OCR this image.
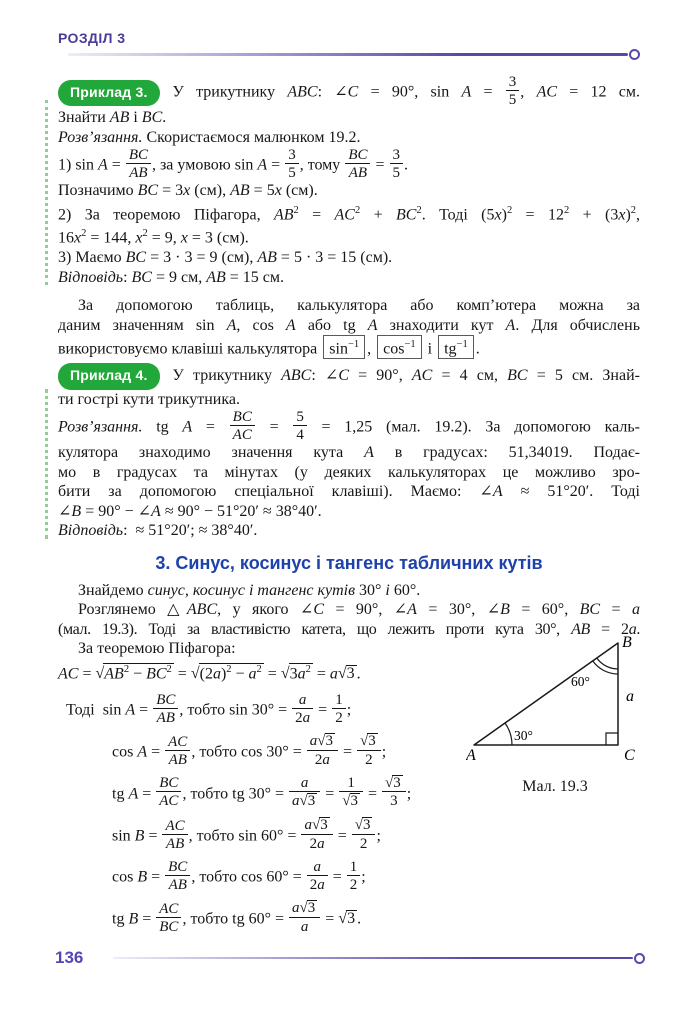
РОЗДІЛ 3
Приклад 3. У трикутнику ABC: ∠C = 90°, $\sin A = \frac{3}{5}$ , AC = 12 см.
Знайти AB і BC.
Розв’язання. Скористаємося малюнком 19.2.
1) $\sin A = \frac{BC}{AB}$ , за умовою $\sin A = \frac{3}{5}$ , тому $\frac{BC}{AB} = \frac{3}{5}$ .
Позначимо BC = 3x (см), AB = 5x (см).
2) За теоремою Піфагора, $AB^2 = AC^2 + BC^2$. Тоді $(5x)^2 = 12^2 + (3x)^2$,
$16x^2 = 144$, $x^2 = 9$, x = 3 (см).
3) Маємо BC = 3 · 3 = 9 (см), AB = 5 · 3 = 15 (см).
Відповідь: BC = 9 см, AB = 15 см.
За допомогою таблиць, калькулятора або комп’ютера можна за
даним значенням sin A, cos A або tg A знаходити кут A. Для обчислень
використовуємо клавіші калькулятора $\sin^{-1}$ , $\cos^{-1} і$ $tg^{-1}$ .
Приклад 4. У трикутнику ABC: ∠C = 90°, AC = 4 см, BC = 5 см. Знай-
ти гострі кути трикутника.
Розв’язання. tg $A = \frac{BC}{AC} = \frac{5}{4} = 1,25$ (мал. 19.2). За допомогою каль-
кулятора знаходимо значення кута A в градусах: 51,34019. Подає-
мо в градусах та мінутах (у деяких калькуляторах це можливо зро-
бити за допомогою спеціальної клавіші). Маємо: ∠A ≈ 51°20′. Тоді
∠B = 90° − ∠A ≈ 90° − 51°20′ ≈ 38°40′.
Відповідь: ≈ 51°20′; ≈ 38°40′.
3. Синус, косинус і тангенс табличних кутів
Знайдемо синус, косинус і тангенс кутів 30° і 60°.
Розглянемо △ABC, у якого ∠C = 90°, ∠A = 30°, ∠B = 60°, BC = a
(мал. 19.3). Тоді за властивістю катета, що лежить проти кута 30°, AB = 2a.
За теоремою Піфагора:
A
B
C
a
30°
60°
Мал. 19.3
AC = $√AB^2 - BC^2 = √(2a)^2 - a^2 = √3a^2 = a√3$ .
Тоді $\sin A = \frac{BC}{AB}$ , тобто $\sin 30^\circ = \frac{a}{2a} = \frac{1}{2}$ ;
$\cos A = \frac{AC}{AB}$ , тобто $\cos 30^\circ = \frac{a√3}{2a} = \frac{√3}{2}$ ;
tg $A = \frac{BC}{AC}$ , тобто tg $30^\circ = \frac{a}{a√3} = \frac{1}{√3} = \frac{√3}{3}$ ;
$\sin B = \frac{AC}{AB}$ , тобто $\sin 60^\circ = \frac{a√3}{2a} = \frac{√3}{2}$ ;
$\cos B = \frac{BC}{AB}$ , тобто $\cos 60^\circ = \frac{a}{2a} = \frac{1}{2}$ ;
tg $B = \frac{AC}{BC}$ , тобто tg $60^\circ = \frac{a√3}{a} = √3$ .
136
